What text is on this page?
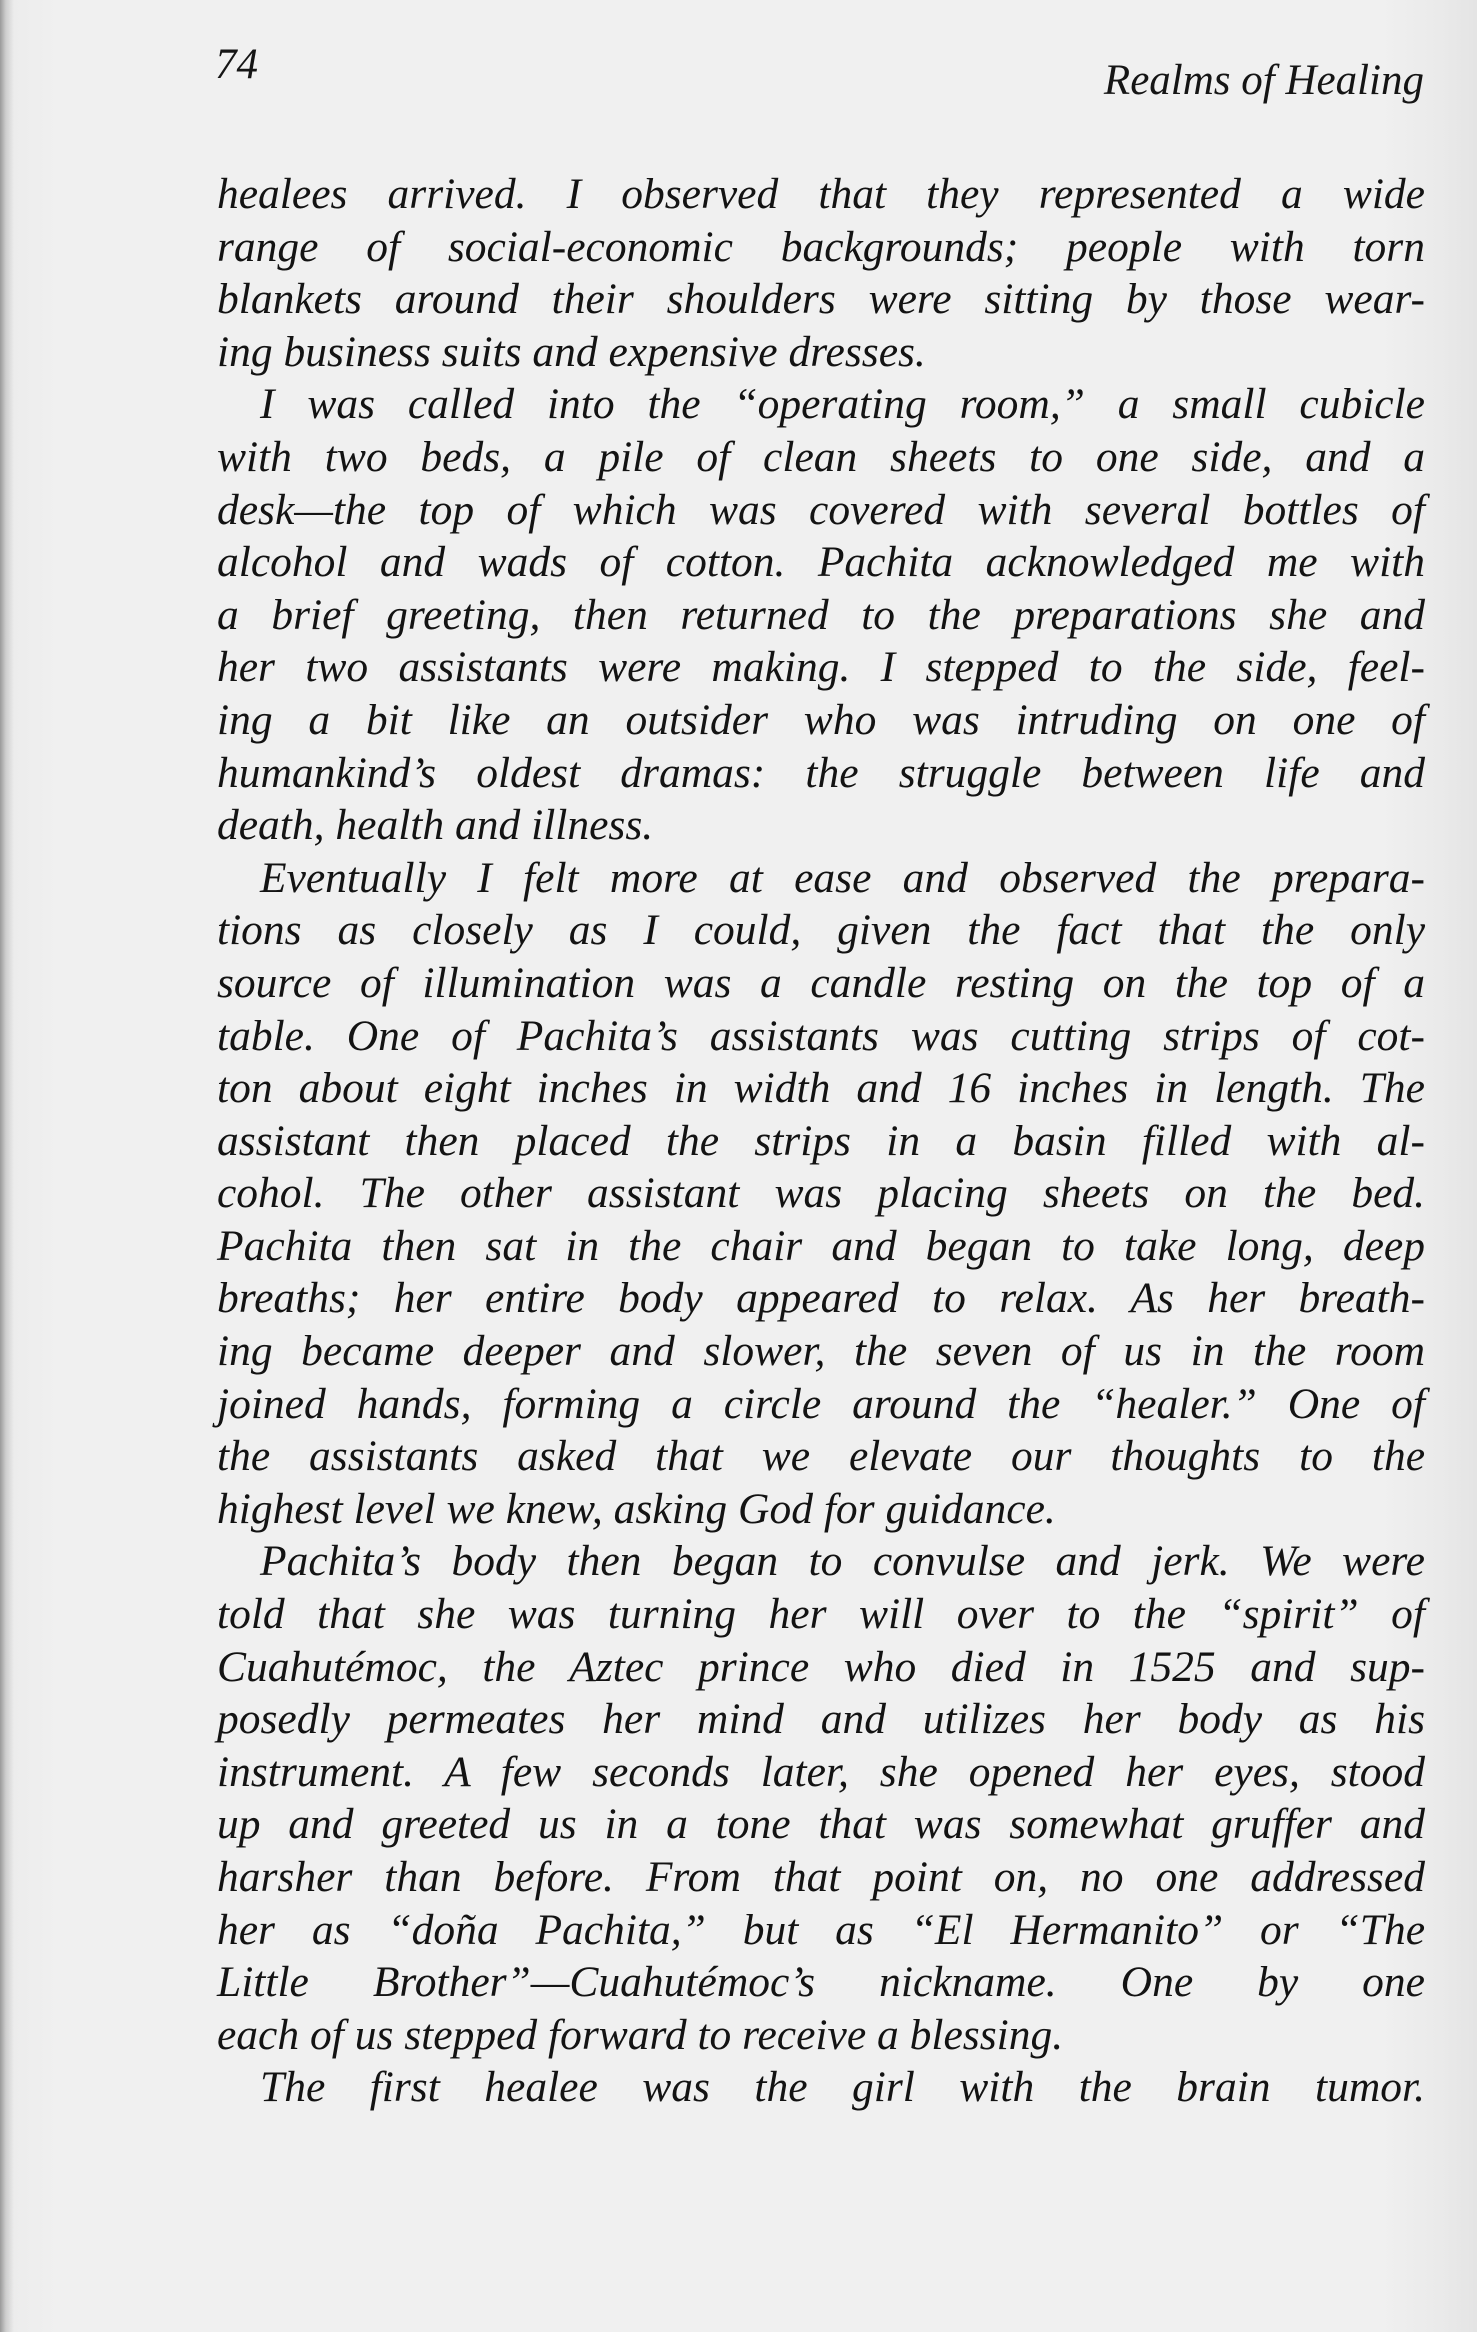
74	Realms of Healing
healees arrived. I observed that they represented a wide
range of social-economic backgrounds; people with torn
blankets around their shoulders were sitting by those wear-
ing business suits and expensive dresses.
I was called into the “operating room,” a small cubicle
with two beds, a pile of clean sheets to one side, and a
desk—the top of which was covered with several bottles of
alcohol and wads of cotton. Pachita acknowledged me with
a brief greeting, then returned to the preparations she and
her two assistants were making. I stepped to the side, feel-
ing a bit like an outsider who was intruding on one of
humankind’s oldest dramas: the struggle between life and
death, health and illness.
Eventually I felt more at ease and observed the prepara-
tions as closely as I could, given the fact that the only
source of illumination was a candle resting on the top of a
table. One of Pachita’s assistants was cutting strips of cot-
ton about eight inches in width and 16 inches in length. The
assistant then placed the strips in a basin filled with al-
cohol. The other assistant was placing sheets on the bed.
Pachita then sat in the chair and began to take long, deep
breaths; her entire body appeared to relax. As her breath-
ing became deeper and slower, the seven of us in the room
joined hands, forming a circle around the “healer.” One of
the assistants asked that we elevate our thoughts to the
highest level we knew, asking God for guidance.
Pachita’s body then began to convulse and jerk. We were
told that she was turning her will over to the “spirit” of
Cuahutémoc, the Aztec prince who died in 1525 and sup-
posedly permeates her mind and utilizes her body as his
instrument. A few seconds later, she opened her eyes, stood
up and greeted us in a tone that was somewhat gruffer and
harsher than before. From that point on, no one addressed
her as “doña Pachita,” but as “El Hermanito” or “The
Little Brother”—Cuahutémoc’s nickname. One by one
each of us stepped forward to receive a blessing.
The first healee was the girl with the brain tumor.
